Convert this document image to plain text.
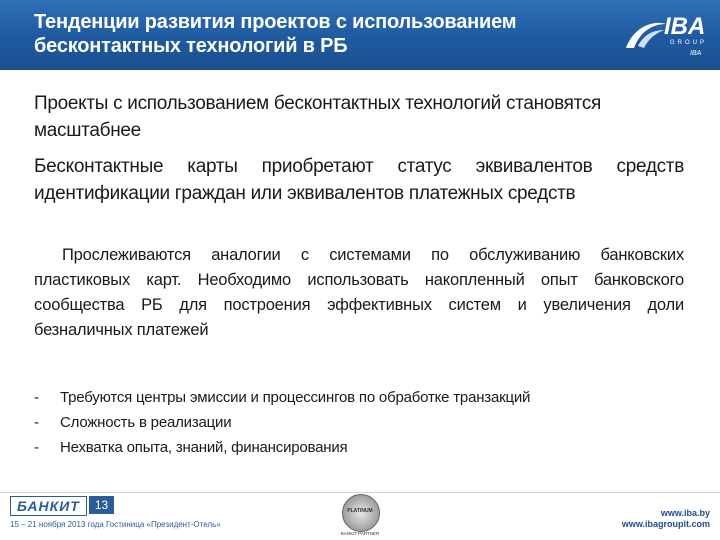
Тенденции развития проектов с использованием
бесконтактных технологий в РБ
IBA
GROUP
IBA
Проекты с использованием бесконтактных технологий становятся масштабнее
Бесконтактные карты приобретают статус эквивалентов средств идентификации граждан или эквивалентов платежных средств
Прослеживаются аналогии с системами по обслуживанию банковских пластиковых карт. Необходимо использовать накопленный опыт банковского сообщества РБ для построения эффективных систем и увеличения доли безналичных платежей
- Требуются центры эмиссии и процессингов по обработке транзакций
- Сложность в реализации
- Нехватка опыта, знаний, финансирования
БАНКИТ 13
15 – 21 ноября 2013 года Гостиница «Президент-Отель»
PLATINUM
BANKIT PARTNER
www.iba.by
www.ibagroupit.com
